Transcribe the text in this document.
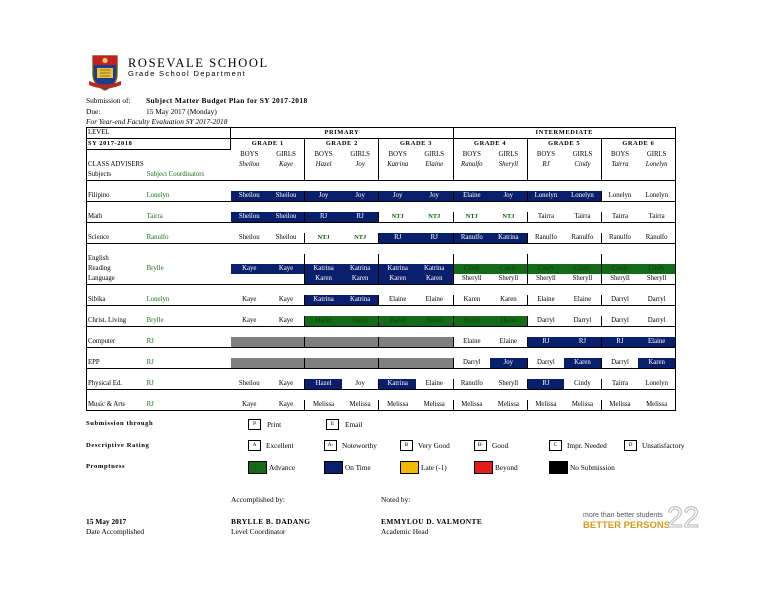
ROSEVALE SCHOOL
Grade School Department
Submission of: Subject Matter Budget Plan for SY 2017-2018
Due:	15 May 2017 (Monday)
For Year-end Faculty Evaluation SY 2017-2018
LEVEL		PRIMARY						INTERMEDIATE					
SY 2017-2018		GRADE 1		GRADE 2		GRADE 3		GRADE 4		GRADE 5		GRADE 6	
		BOYS	GIRLS	BOYS	GIRLS	BOYS	GIRLS	BOYS	GIRLS	BOYS	GIRLS	BOYS	GIRLS
CLASS ADVISERS		Sheilou	Kaye	Hazel	Joy	Katrina	Elaine	Ranulfo	Sheryll	RJ	Cindy	Tairra	Lonelyn
Subjects	Subject Coordinators												

Filipino	Lonelyn	Sheilou	Sheilou	Joy	Joy	Joy	Joy	Elaine	Joy	Lonelyn	Lonelyn	Lonelyn	Lonelyn

Math	Tairra	Sheilou	Sheilou	RJ	RJ	NTJ	NTJ	NTJ	NTJ	Tairra	Tairra	Tairra	Tairra

Science	Ranulfo	Sheilou	Sheilou	NTJ	NTJ	RJ	RJ	Ranulfo	Katrina	Ranulfo	Ranulfo	Ranulfo	Ranulfo

English													
Reading	Brylle	Kaye	Kaye	Katrina	Katrina	Katrina	Katrina	Cindy	Cindy	Cindy	Cindy	Cindy	Cindy
Language				Karen	Karen	Karen	Karen	Sheryll	Sheryll	Sheryll	Sheryll	Sheryll	Sheryll

Sibika	Lonelyn	Kaye	Kaye	Katrina	Katrina	Elaine	Elaine	Karen	Karen	Elaine	Elaine	Darryl	Darryl

Christ. Living	Brylle	Kaye	Kaye	Hazel	Hazel	Hazel	Hazel	Hazel	Hazel	Darryl	Darryl	Darryl	Darryl

Computer	RJ							Elaine	Elaine	RJ	RJ	RJ	Elaine

EPP	RJ							Darryl	Joy	Darryl	Karen	Darryl	Karen

Physical Ed.	RJ	Sheilou	Kaye	Hazel	Joy	Katrina	Elaine	Ranulfo	Sheryll	RJ	Cindy	Tairra	Lonelyn

Music & Arts	RJ	Kaye	Kaye	Melissa	Melissa	Melissa	Melissa	Melissa	Melissa	Melissa	Melissa	Melissa	Melissa
Submission through	P	Print	E	Email
Descriptive Rating	A	Excellent	A-	Noteworthy	B	Very Good	B-	Good	C	Impr. Needed	D	Unsatisfactory
Promptness	Advance	On Time	Late (-1)	Beyond	No Submission
Accomplished by:	Noted by:
15 May 2017
Date Accomplished
BRYLLE B. DADANG
Level Coordinator
EMMYLOU D. VALMONTE
Academic Head
more than better students
BETTER PERSONS
22
